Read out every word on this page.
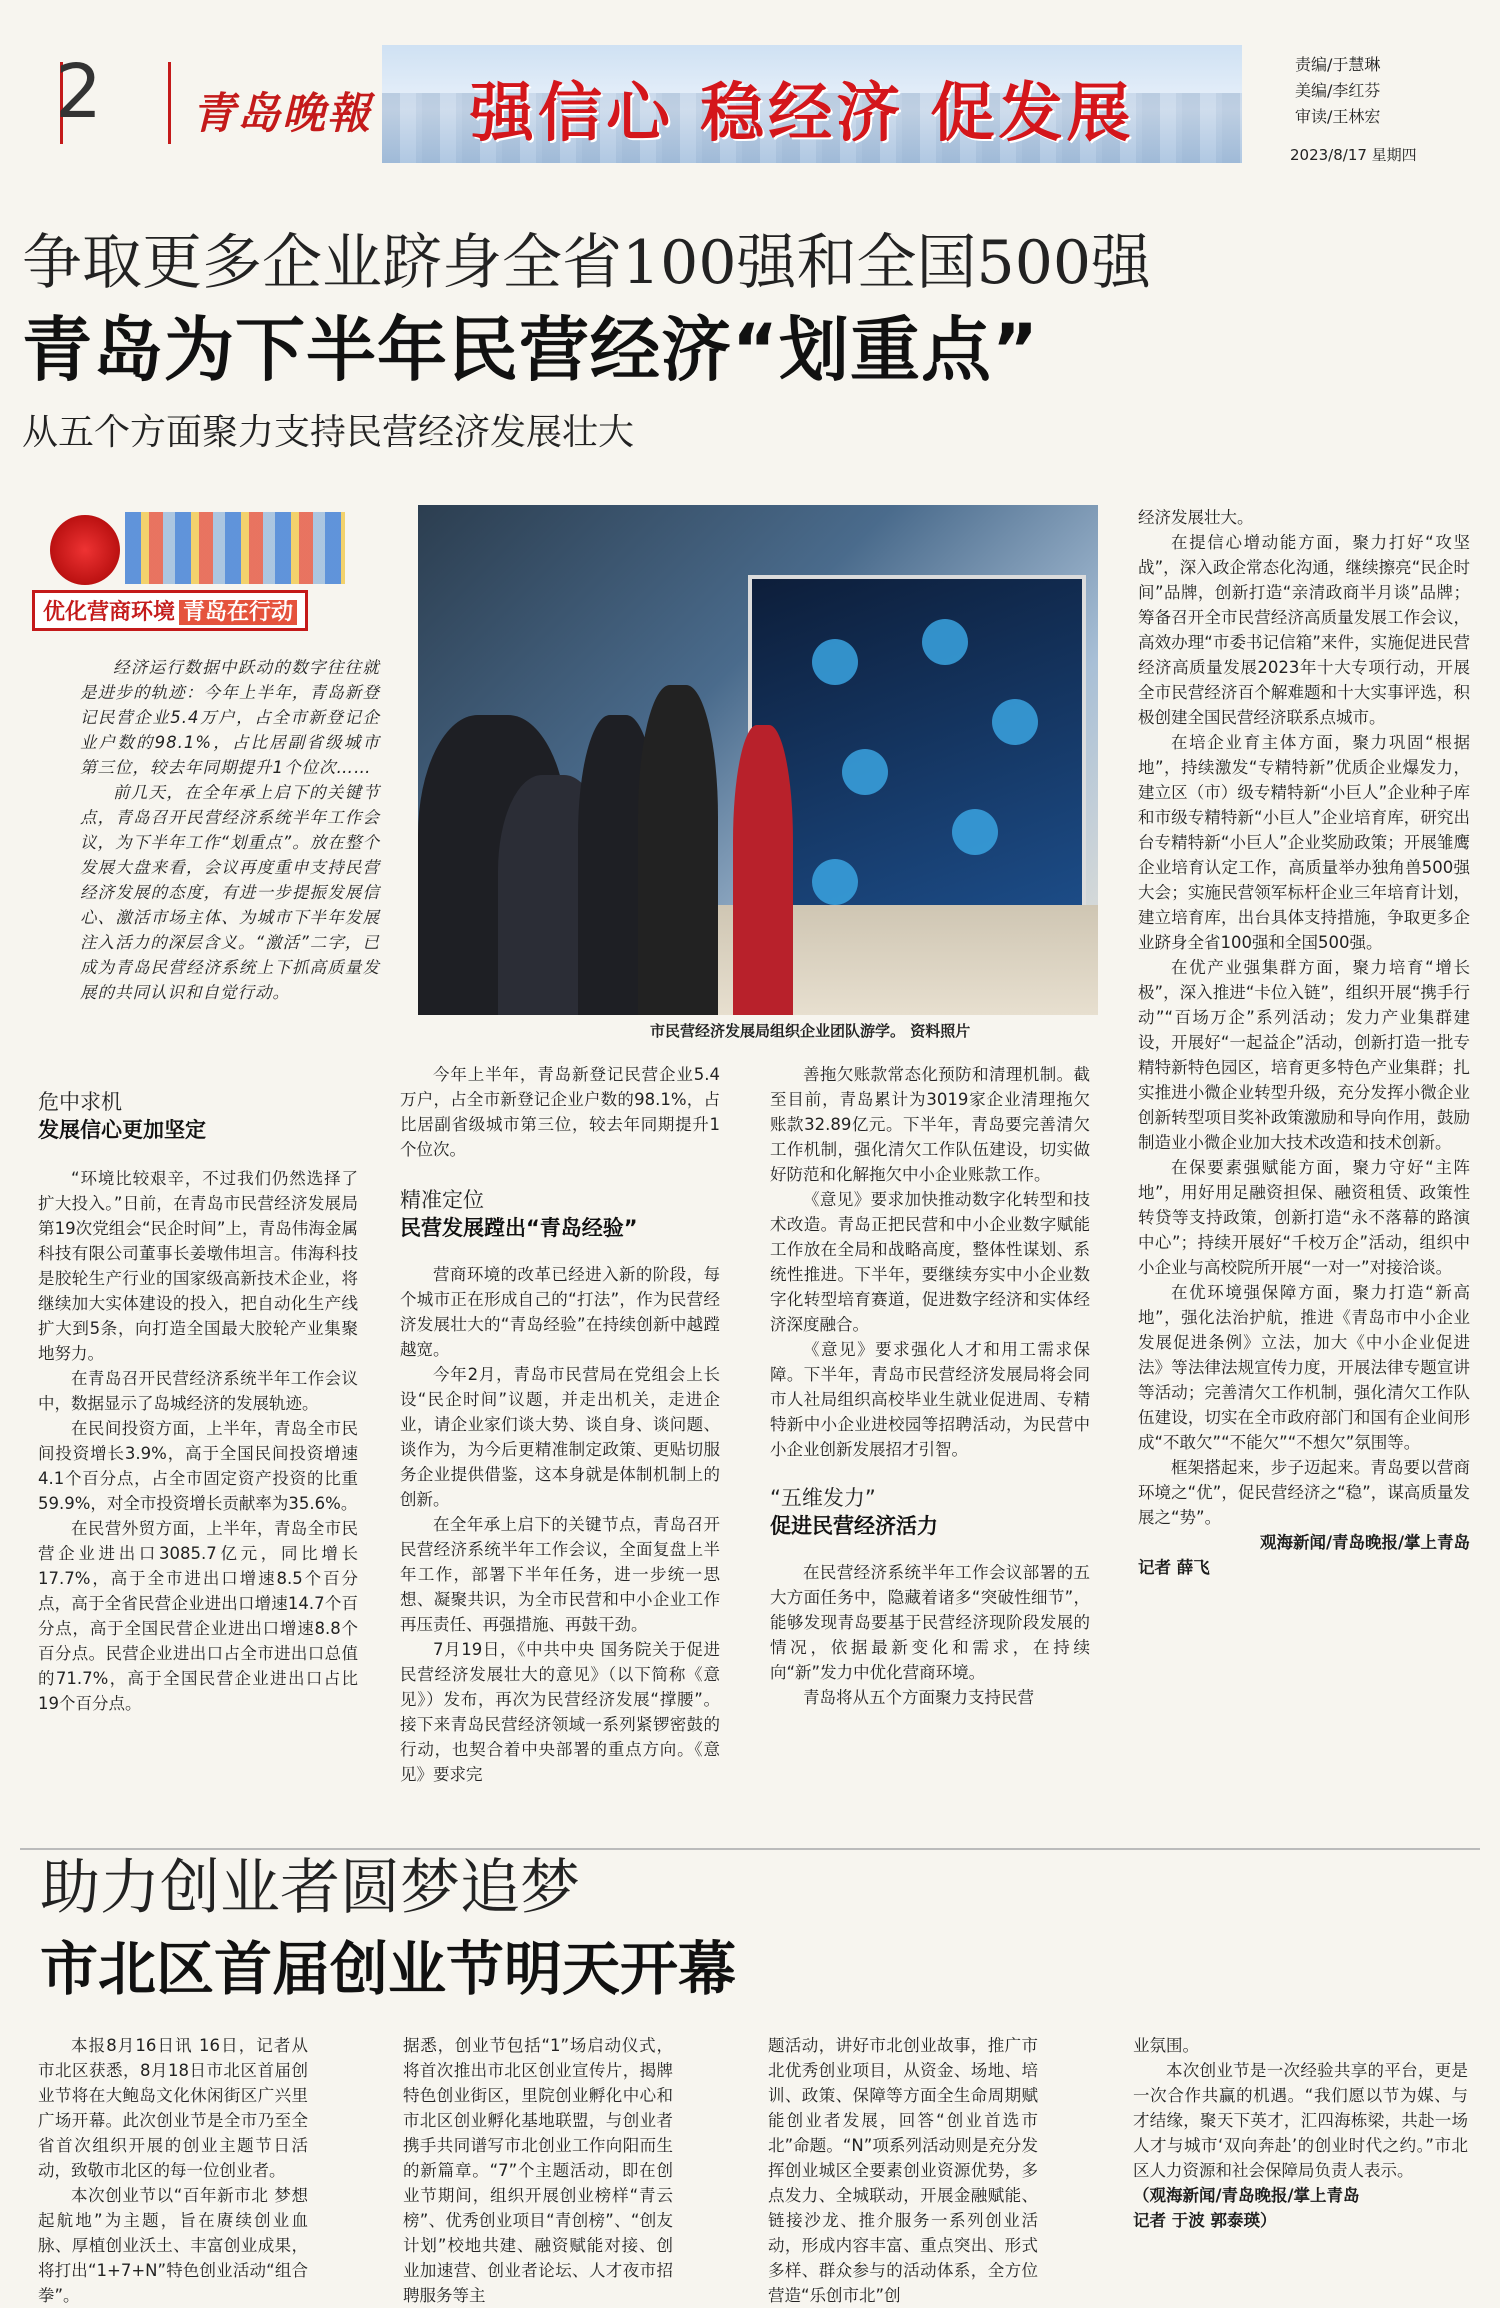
2 青岛晚報 强信心 稳经济 促发展
责编/于慧琳
美编/李红芬
审读/王林宏
2023/8/17 星期四
争取更多企业跻身全省100强和全国500强
青岛为下半年民营经济“划重点”
从五个方面聚力支持民营经济发展壮大
优化营商环境 青岛在行动

经济运行数据中跃动的数字往往就是进步的轨迹：今年上半年，青岛新登记民营企业5.4万户，占全市新登记企业户数的98.1%，占比居副省级城市第三位，较去年同期提升1个位次……

前几天，在全年承上启下的关键节点，青岛召开民营经济系统半年工作会议，为下半年工作“划重点”。放在整个发展大盘来看，会议再度重申支持民营经济发展的态度，有进一步提振发展信心、激活市场主体、为城市下半年发展注入活力的深层含义。“激活”二字，已成为青岛民营经济系统上下抓高质量发展的共同认识和自觉行动。

市民营经济发展局组织企业团队游学。 资料照片
危中求机
发展信心更加坚定

“环境比较艰辛，不过我们仍然选择了扩大投入。”日前，在青岛市民营经济发展局第19次党组会“民企时间”上，青岛伟海金属科技有限公司董事长姜墩伟坦言。伟海科技是胶轮生产行业的国家级高新技术企业，将继续加大实体建设的投入，把自动化生产线扩大到5条，向打造全国最大胶轮产业集聚地努力。

在青岛召开民营经济系统半年工作会议中，数据显示了岛城经济的发展轨迹。

在民间投资方面，上半年，青岛全市民间投资增长3.9%，高于全国民间投资增速4.1个百分点，占全市固定资产投资的比重59.9%，对全市投资增长贡献率为35.6%。

在民营外贸方面，上半年，青岛全市民营企业进出口3085.7亿元，同比增长17.7%，高于全市进出口增速8.5个百分点，高于全省民营企业进出口增速14.7个百分点，高于全国民营企业进出口增速8.8个百分点。民营企业进出口占全市进出口总值的71.7%，高于全国民营企业进出口占比19个百分点。

今年上半年，青岛新登记民营企业5.4万户，占全市新登记企业户数的98.1%，占比居副省级城市第三位，较去年同期提升1个位次。

精准定位
民营发展蹚出“青岛经验”

营商环境的改革已经进入新的阶段，每个城市正在形成自己的“打法”，作为民营经济发展壮大的“青岛经验”在持续创新中越蹚越宽。

今年2月，青岛市民营局在党组会上长设“民企时间”议题，并走出机关，走进企业，请企业家们谈大势、谈自身、谈问题、谈作为，为今后更精准制定政策、更贴切服务企业提供借鉴，这本身就是体制机制上的创新。

在全年承上启下的关键节点，青岛召开民营经济系统半年工作会议，全面复盘上半年工作，部署下半年任务，进一步统一思想、凝聚共识，为全市民营和中小企业工作再压责任、再强措施、再鼓干劲。

7月19日，《中共中央 国务院关于促进民营经济发展壮大的意见》（以下简称《意见》）发布，再次为民营经济发展“撑腰”。接下来青岛民营经济领域一系列紧锣密鼓的行动，也契合着中央部署的重点方向。《意见》要求完

善拖欠账款常态化预防和清理机制。截至目前，青岛累计为3019家企业清理拖欠账款32.89亿元。下半年，青岛要完善清欠工作机制，强化清欠工作队伍建设，切实做好防范和化解拖欠中小企业账款工作。

《意见》要求加快推动数字化转型和技术改造。青岛正把民营和中小企业数字赋能工作放在全局和战略高度，整体性谋划、系统性推进。下半年，要继续夯实中小企业数字化转型培育赛道，促进数字经济和实体经济深度融合。

《意见》要求强化人才和用工需求保障。下半年，青岛市民营经济发展局将会同市人社局组织高校毕业生就业促进周、专精特新中小企业进校园等招聘活动，为民营中小企业创新发展招才引智。

“五维发力”
促进民营经济活力

在民营经济系统半年工作会议部署的五大方面任务中，隐藏着诸多“突破性细节”，能够发现青岛要基于民营经济现阶段发展的情况，依据最新变化和需求，在持续向“新”发力中优化营商环境。

青岛将从五个方面聚力支持民营

经济发展壮大。

在提信心增动能方面，聚力打好“攻坚战”，深入政企常态化沟通，继续擦亮“民企时间”品牌，创新打造“亲清政商半月谈”品牌；筹备召开全市民营经济高质量发展工作会议，高效办理“市委书记信箱”来件，实施促进民营经济高质量发展2023年十大专项行动，开展全市民营经济百个解难题和十大实事评选，积极创建全国民营经济联系点城市。

在培企业育主体方面，聚力巩固“根据地”，持续激发“专精特新”优质企业爆发力，建立区（市）级专精特新“小巨人”企业种子库和市级专精特新“小巨人”企业培育库，研究出台专精特新“小巨人”企业奖励政策；开展雏鹰企业培育认定工作，高质量举办独角兽500强大会；实施民营领军标杆企业三年培育计划，建立培育库，出台具体支持措施，争取更多企业跻身全省100强和全国500强。

在优产业强集群方面，聚力培育“增长极”，深入推进“卡位入链”，组织开展“携手行动”“百场万企”系列活动；发力产业集群建设，开展好“一起益企”活动，创新打造一批专精特新特色园区，培育更多特色产业集群；扎实推进小微企业转型升级，充分发挥小微企业创新转型项目奖补政策激励和导向作用，鼓励制造业小微企业加大技术改造和技术创新。

在保要素强赋能方面，聚力守好“主阵地”，用好用足融资担保、融资租赁、政策性转贷等支持政策，创新打造“永不落幕的路演中心”；持续开展好“千校万企”活动，组织中小企业与高校院所开展“一对一”对接洽谈。

在优环境强保障方面，聚力打造“新高地”，强化法治护航，推进《青岛市中小企业发展促进条例》立法，加大《中小企业促进法》等法律法规宣传力度，开展法律专题宣讲等活动；完善清欠工作机制，强化清欠工作队伍建设，切实在全市政府部门和国有企业间形成“不敢欠”“不能欠”“不想欠”氛围等。

框架搭起来，步子迈起来。青岛要以营商环境之“优”，促民营经济之“稳”，谋高质量发展之“势”。

观海新闻/青岛晚报/掌上青岛
记者 薛飞
助力创业者圆梦追梦
市北区首届创业节明天开幕

本报8月16日讯 16日，记者从市北区获悉，8月18日市北区首届创业节将在大鲍岛文化休闲街区广兴里广场开幕。此次创业节是全市乃至全省首次组织开展的创业主题节日活动，致敬市北区的每一位创业者。

本次创业节以“百年新市北 梦想起航地”为主题，旨在赓续创业血脉、厚植创业沃土、丰富创业成果，将打出“1+7+N”特色创业活动“组合拳”。

据悉，创业节包括“1”场启动仪式，将首次推出市北区创业宣传片，揭牌特色创业街区，里院创业孵化中心和市北区创业孵化基地联盟，与创业者携手共同谱写市北创业工作向阳而生的新篇章。“7”个主题活动，即在创业节期间，组织开展创业榜样“青云榜”、优秀创业项目“青创榜”、“创友计划”校地共建、融资赋能对接、创业加速营、创业者论坛、人才夜市招聘服务等主

题活动，讲好市北创业故事，推广市北优秀创业项目，从资金、场地、培训、政策、保障等方面全生命周期赋能创业者发展，回答“创业首选市北”命题。“N”项系列活动则是充分发挥创业城区全要素创业资源优势，多点发力、全城联动，开展金融赋能、链接沙龙、推介服务一系列创业活动，形成内容丰富、重点突出、形式多样、群众参与的活动体系，全方位营造“乐创市北”创

业氛围。

本次创业节是一次经验共享的平台，更是一次合作共赢的机遇。“我们愿以节为媒、与才结缘，聚天下英才，汇四海栋梁，共赴一场人才与城市‘双向奔赴’的创业时代之约。”市北区人力资源和社会保障局负责人表示。

（观海新闻/青岛晚报/掌上青岛
记者 于波 郭泰瑛）
